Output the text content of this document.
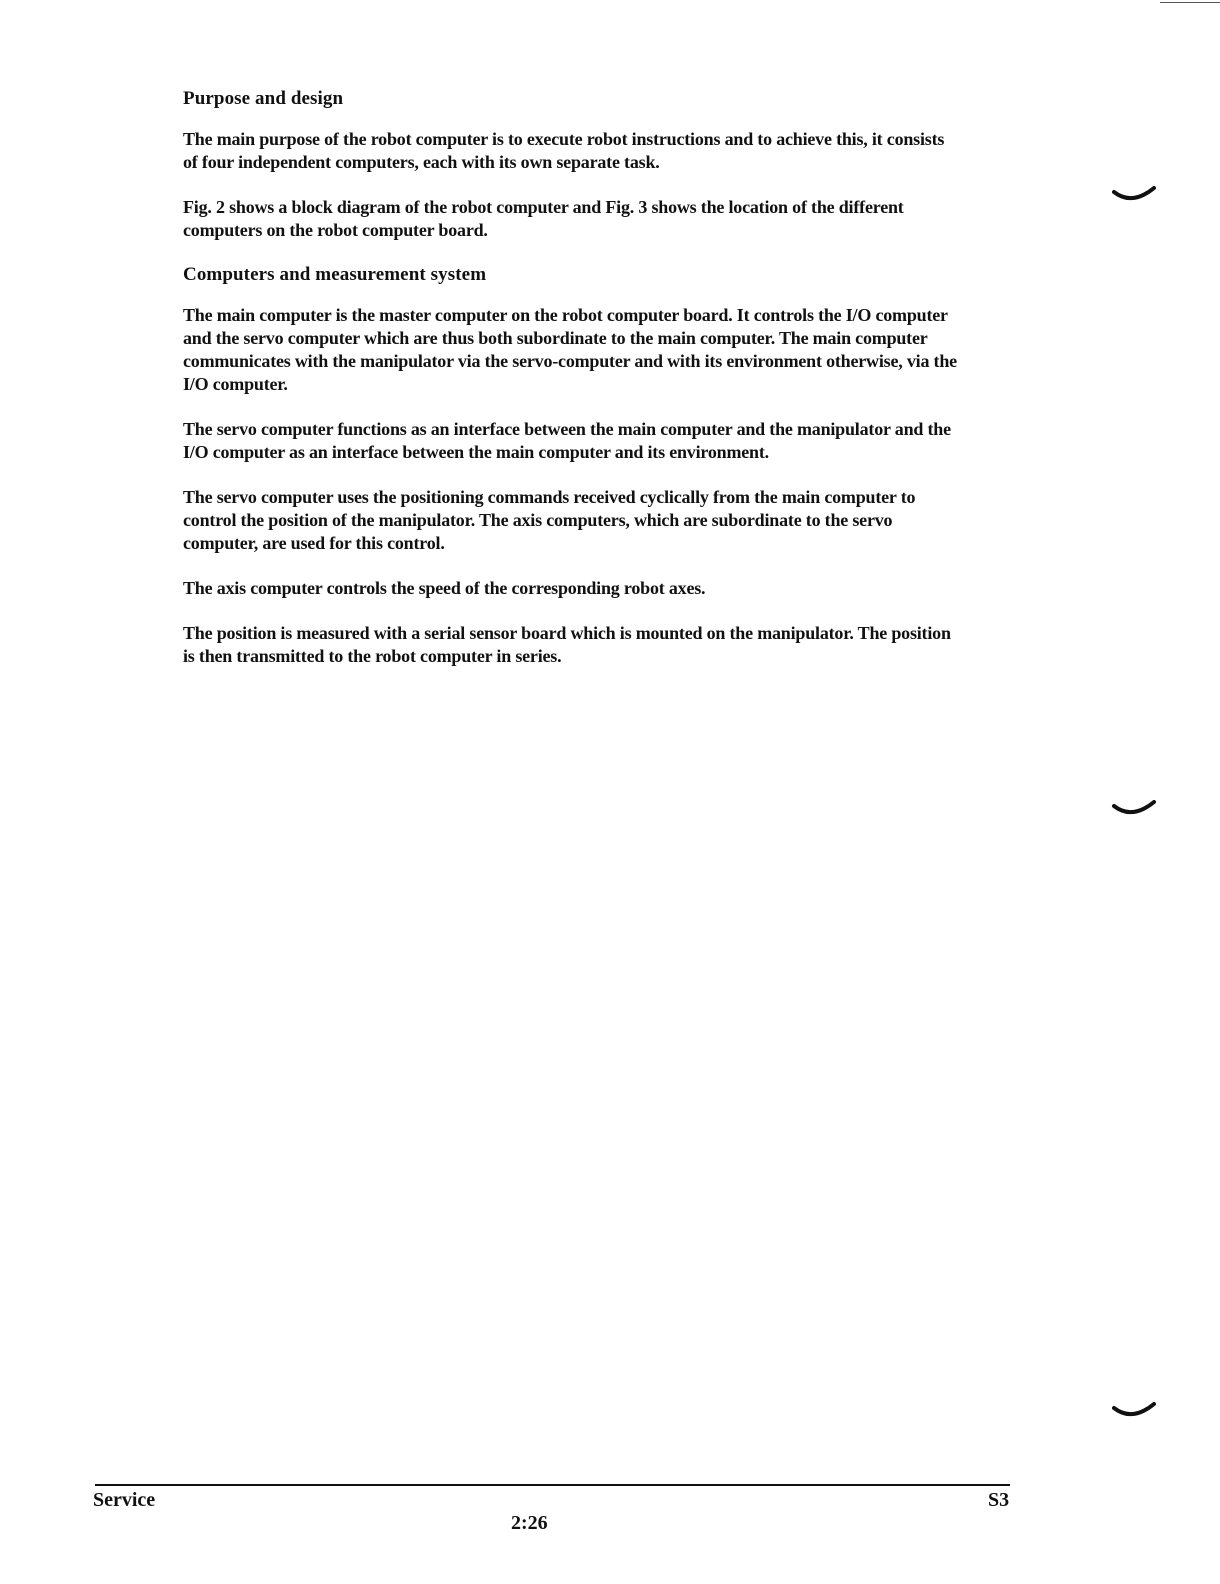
Purpose and design

The main purpose of the robot computer is to execute robot instructions and to achieve this, it consists of four independent computers, each with its own separate task.

Fig. 2 shows a block diagram of the robot computer and Fig. 3 shows the location of the different computers on the robot computer board.

Computers and measurement system

The main computer is the master computer on the robot computer board. It controls the I/O computer and the servo computer which are thus both subordinate to the main computer. The main computer communicates with the manipulator via the servo-computer and with its environment otherwise, via the I/O computer.

The servo computer functions as an interface between the main computer and the manipulator and the I/O computer as an interface between the main computer and its environment.

The servo computer uses the positioning commands received cyclically from the main computer to control the position of the manipulator. The axis computers, which are subordinate to the servo computer, are used for this control.

The axis computer controls the speed of the corresponding robot axes.

The position is measured with a serial sensor board which is mounted on the manipulator. The position is then transmitted to the robot computer in series.

Service
2:26
S3
